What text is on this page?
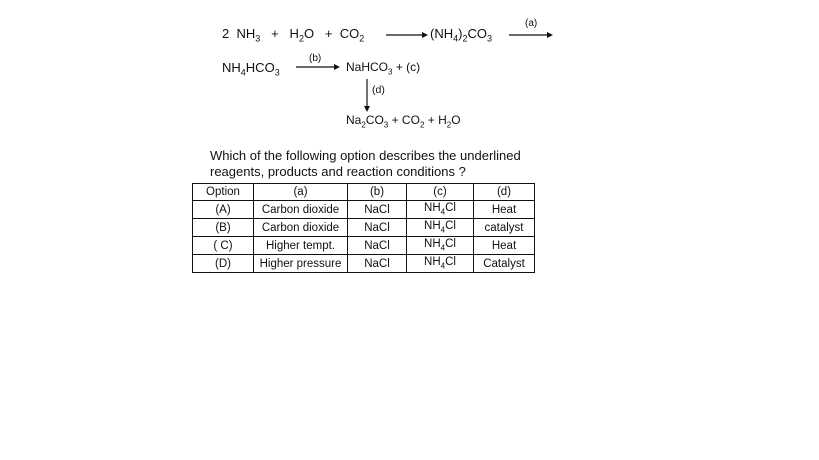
2 $NH_3 + H_2O + CO_2 \to (NH_4)_2CO_3$
(a)
$NH_4HCO_3$
(b)
→ NaHCO$_3$ + (c)
(d)
$Na_2CO_3 + CO_2 + H_2O$
Which of the following option describes the underlined
reagents, products and reaction conditions ?
Option	(a)	(b)	(c)	(d)
(A)	Carbon dioxide	NaCl	$NH_4Cl$	Heat
(B)	Carbon dioxide	NaCl	$NH_4Cl$	catalyst
( C)	Higher tempt.	NaCl	$NH_4Cl$	Heat
(D)	Higher pressure	NaCl	$NH_4Cl$	Catalyst
